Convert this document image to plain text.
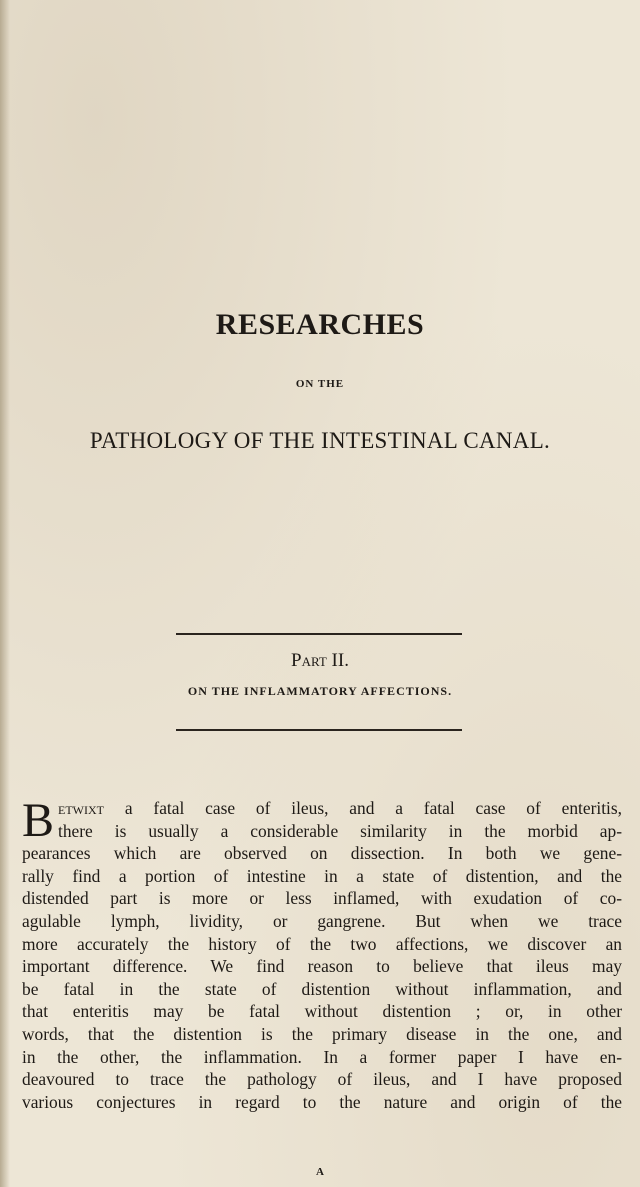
RESEARCHES
ON THE
PATHOLOGY OF THE INTESTINAL CANAL.
Part II.
ON THE INFLAMMATORY AFFECTIONS.
Betwixt a fatal case of ileus, and a fatal case of enteritis,
there is usually a considerable similarity in the morbid ap-
pearances which are observed on dissection. In both we gene-
rally find a portion of intestine in a state of distention, and the
distended part is more or less inflamed, with exudation of co-
agulable lymph, lividity, or gangrene. But when we trace
more accurately the history of the two affections, we discover an
important difference. We find reason to believe that ileus may
be fatal in the state of distention without inflammation, and
that enteritis may be fatal without distention ; or, in other
words, that the distention is the primary disease in the one, and
in the other, the inflammation. In a former paper I have en-
deavoured to trace the pathology of ileus, and I have proposed
various conjectures in regard to the nature and origin of the
A
